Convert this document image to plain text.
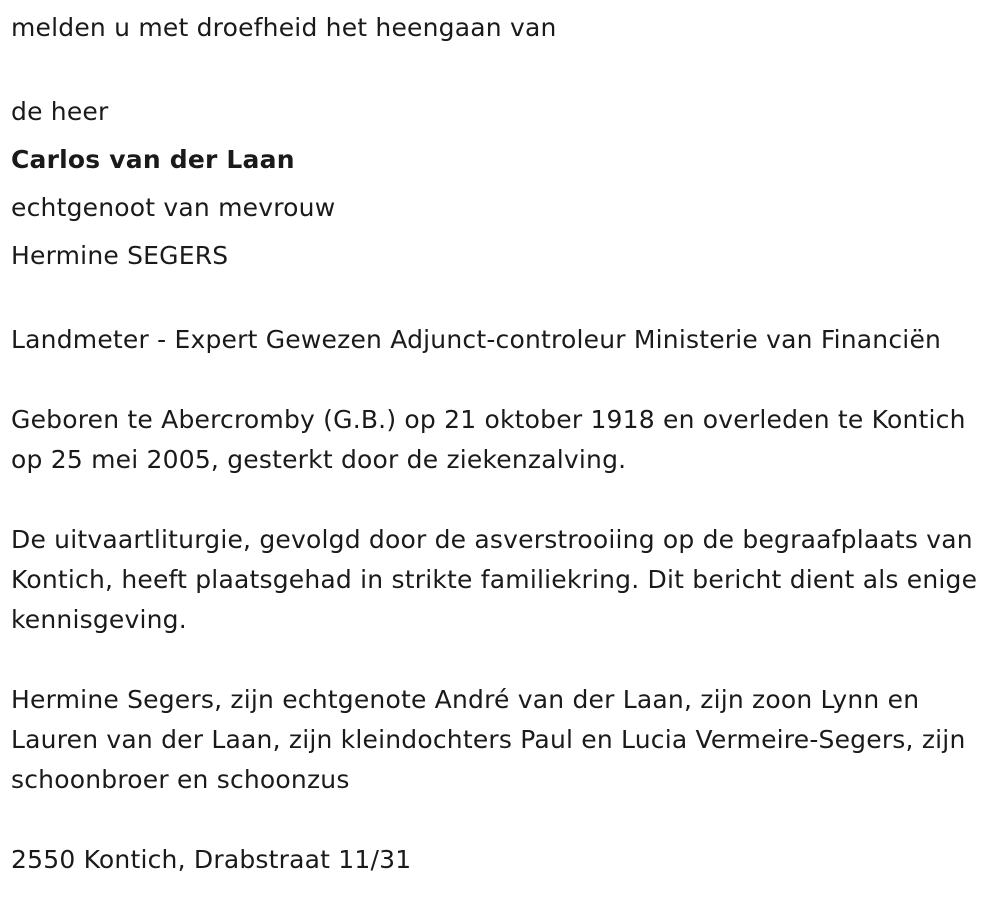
melden u met droefheid het heengaan van

de heer

Carlos van der Laan

echtgenoot van mevrouw

Hermine SEGERS

Landmeter - Expert Gewezen Adjunct-controleur Ministerie van Financiën

Geboren te Abercromby (G.B.) op 21 oktober 1918 en overleden te Kontich op 25 mei 2005, gesterkt door de ziekenzalving.

De uitvaartliturgie, gevolgd door de asverstrooiing op de begraafplaats van Kontich, heeft plaatsgehad in strikte familiekring. Dit bericht dient als enige kennisgeving.

Hermine Segers, zijn echtgenote André van der Laan, zijn zoon Lynn en Lauren van der Laan, zijn kleindochters Paul en Lucia Vermeire-Segers, zijn schoonbroer en schoonzus

2550 Kontich, Drabstraat 11/31
